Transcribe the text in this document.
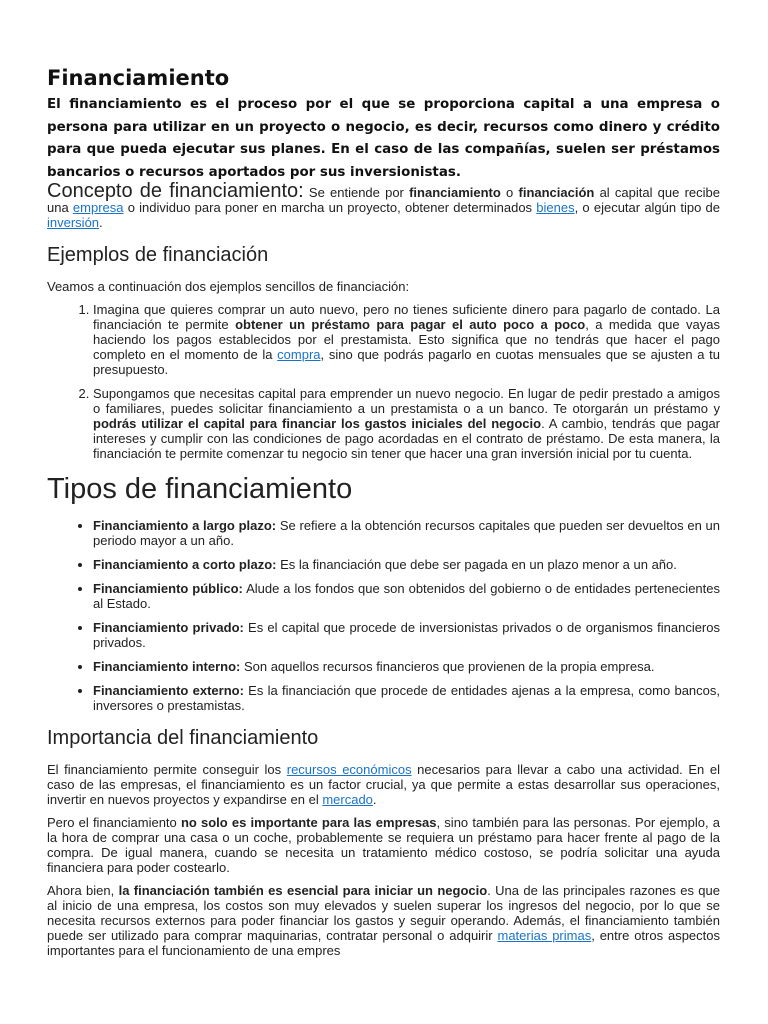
Financiamiento

El financiamiento es el proceso por el que se proporciona capital a una empresa o persona para utilizar en un proyecto o negocio, es decir, recursos como dinero y crédito para que pueda ejecutar sus planes. En el caso de las compañías, suelen ser préstamos bancarios o recursos aportados por sus inversionistas.

Concepto de financiamiento: Se entiende por financiamiento o financiación al capital que recibe una empresa o individuo para poner en marcha un proyecto, obtener determinados bienes, o ejecutar algún tipo de inversión.

Ejemplos de financiación

Veamos a continuación dos ejemplos sencillos de financiación:

1. Imagina que quieres comprar un auto nuevo, pero no tienes suficiente dinero para pagarlo de contado. La financiación te permite obtener un préstamo para pagar el auto poco a poco, a medida que vayas haciendo los pagos establecidos por el prestamista. Esto significa que no tendrás que hacer el pago completo en el momento de la compra, sino que podrás pagarlo en cuotas mensuales que se ajusten a tu presupuesto.
2. Supongamos que necesitas capital para emprender un nuevo negocio. En lugar de pedir prestado a amigos o familiares, puedes solicitar financiamiento a un prestamista o a un banco. Te otorgarán un préstamo y podrás utilizar el capital para financiar los gastos iniciales del negocio. A cambio, tendrás que pagar intereses y cumplir con las condiciones de pago acordadas en el contrato de préstamo. De esta manera, la financiación te permite comenzar tu negocio sin tener que hacer una gran inversión inicial por tu cuenta.
Tipos de financiamiento
• Financiamiento a largo plazo: Se refiere a la obtención recursos capitales que pueden ser devueltos en un periodo mayor a un año.
• Financiamiento a corto plazo: Es la financiación que debe ser pagada en un plazo menor a un año.
• Financiamiento público: Alude a los fondos que son obtenidos del gobierno o de entidades pertenecientes al Estado.
• Financiamiento privado: Es el capital que procede de inversionistas privados o de organismos financieros privados.
• Financiamiento interno: Son aquellos recursos financieros que provienen de la propia empresa.
• Financiamiento externo: Es la financiación que procede de entidades ajenas a la empresa, como bancos, inversores o prestamistas.
Importancia del financiamiento

El financiamiento permite conseguir los recursos económicos necesarios para llevar a cabo una actividad. En el caso de las empresas, el financiamiento es un factor crucial, ya que permite a estas desarrollar sus operaciones, invertir en nuevos proyectos y expandirse en el mercado.

Pero el financiamiento no solo es importante para las empresas, sino también para las personas. Por ejemplo, a la hora de comprar una casa o un coche, probablemente se requiera un préstamo para hacer frente al pago de la compra. De igual manera, cuando se necesita un tratamiento médico costoso, se podría solicitar una ayuda financiera para poder costearlo.

Ahora bien, la financiación también es esencial para iniciar un negocio. Una de las principales razones es que al inicio de una empresa, los costos son muy elevados y suelen superar los ingresos del negocio, por lo que se necesita recursos externos para poder financiar los gastos y seguir operando. Además, el financiamiento también puede ser utilizado para comprar maquinarias, contratar personal o adquirir materias primas, entre otros aspectos importantes para el funcionamiento de una empres
